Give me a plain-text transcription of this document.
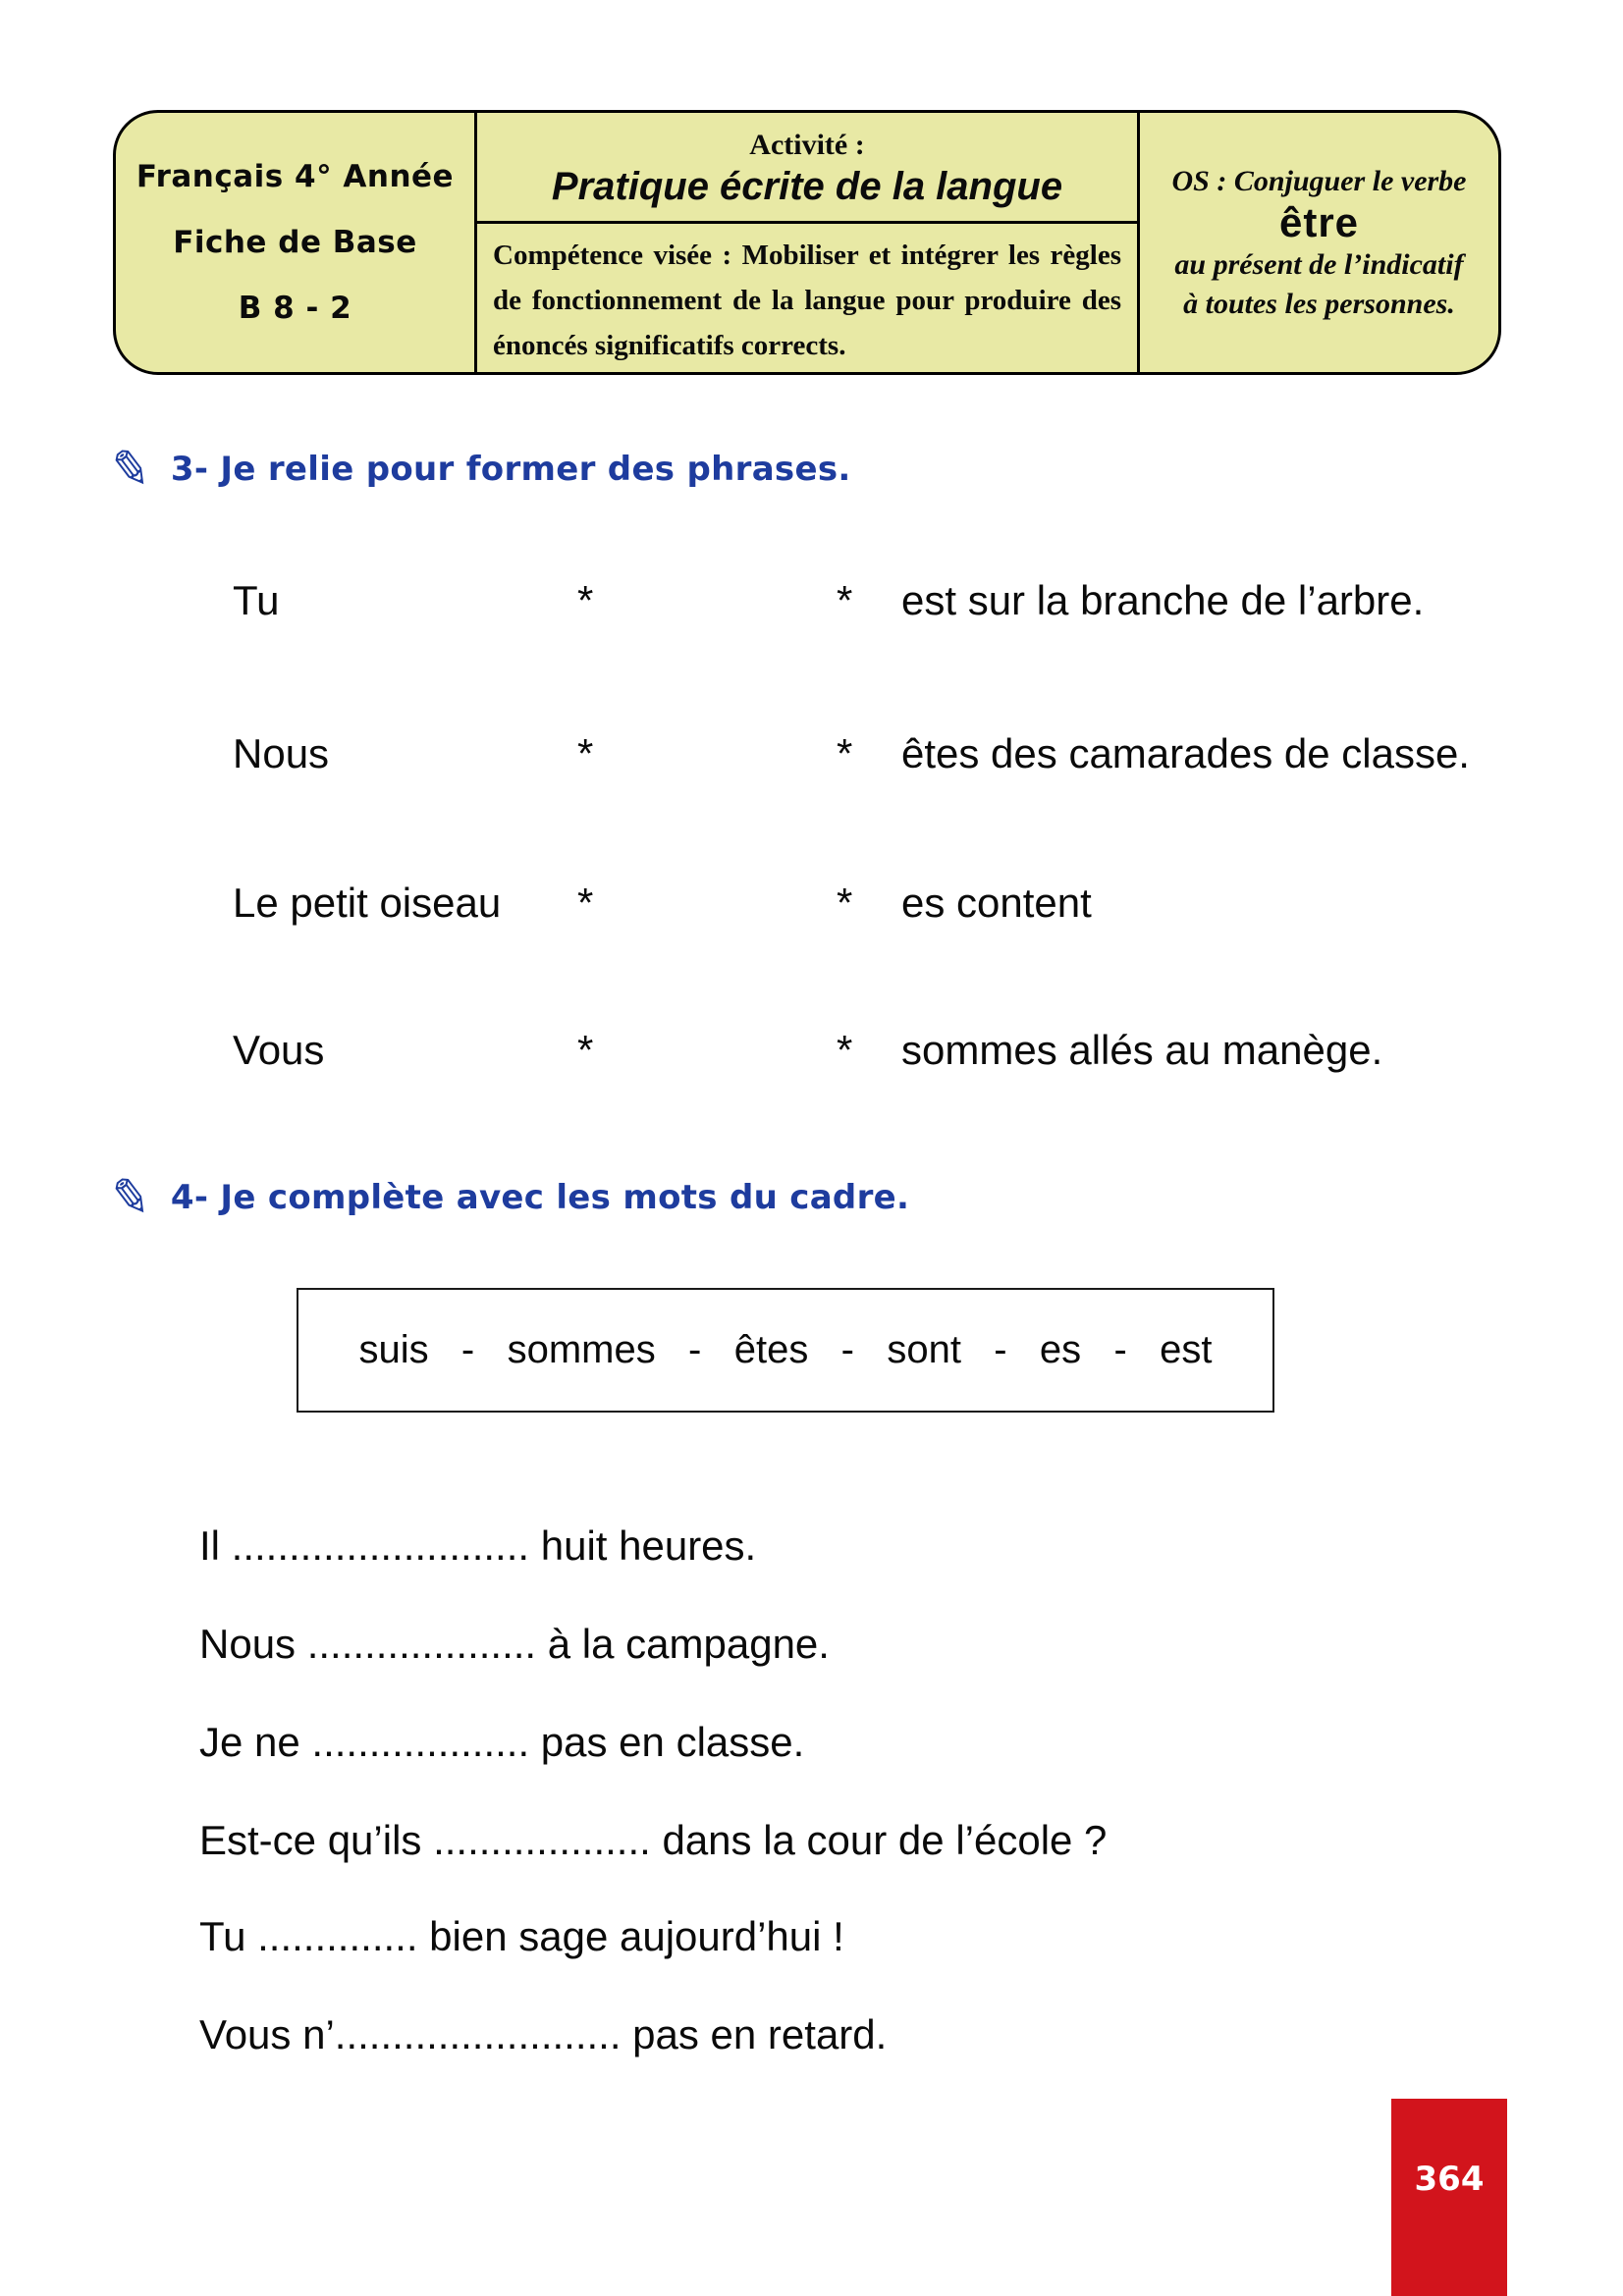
Français 4° Année
Fiche de Base
B 8 - 2
Activité :
Pratique écrite de la langue
Compétence visée : Mobiliser et intégrer les règles de fonctionnement de la langue pour produire des énoncés significatifs corrects.
OS : Conjuguer le verbe
être
au présent de l’indicatif
à toutes les personnes.
✎ 3- Je relie pour former des phrases.
Tu	*	* est sur la branche de l’arbre.
Nous	*	* êtes des camarades de classe.
Le petit oiseau *	* es content
Vous	*	* sommes allés au manège.
✎ 4- Je complète avec les mots du cadre.
suis   -   sommes   -   êtes   -   sont   -   es   -   est
Il .......................... huit heures.
Nous .................... à la campagne.
Je ne ................... pas en classe.
Est-ce qu’ils ................... dans la cour de l’école ?
Tu .............. bien sage aujourd’hui !
Vous n’......................... pas en retard.
364
